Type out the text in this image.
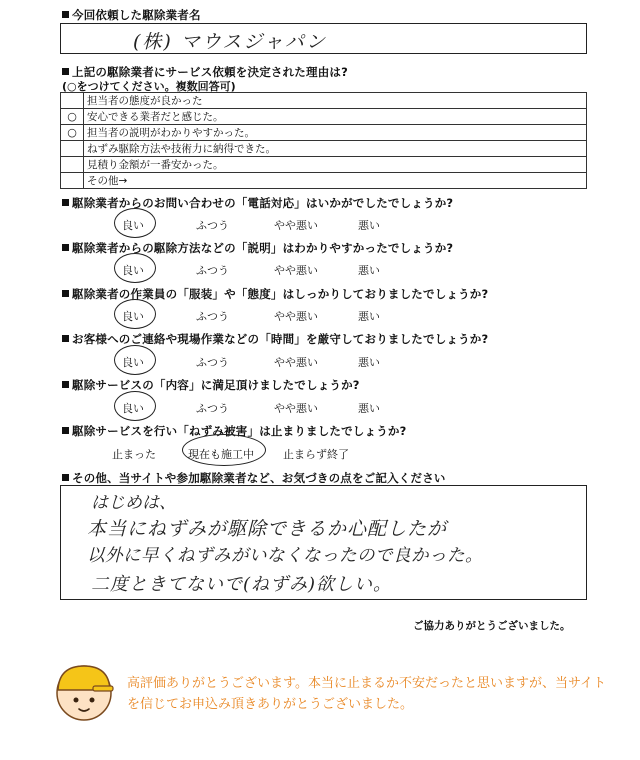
今回依頼した駆除業者名
(株) マウスジャパン
上記の駆除業者にサービス依頼を決定された理由は?
(○をつけてください。複数回答可)
	担当者の態度が良かった
○	安心できる業者だと感じた。
○	担当者の説明がわかりやすかった。
	ねずみ駆除方法や技術力に納得できた。
	見積り金額が一番安かった。
	その他→
駆除業者からのお問い合わせの「電話対応」はいかがでしたでしょうか?
良い	ふつう	やや悪い	悪い
駆除業者からの駆除方法などの「説明」はわかりやすかったでしょうか?
良い	ふつう	やや悪い	悪い
駆除業者の作業員の「服装」や「態度」はしっかりしておりましたでしょうか?
良い	ふつう	やや悪い	悪い
お客様へのご連絡や現場作業などの「時間」を厳守しておりましたでしょうか?
良い	ふつう	やや悪い	悪い
駆除サービスの「内容」に満足頂けましたでしょうか?
良い	ふつう	やや悪い	悪い
駆除サービスを行い「ねずみ被害」は止まりましたでしょうか?
止まった	現在も施工中	止まらず終了
その他、当サイトや参加駆除業者など、お気づきの点をご記入ください
はじめは、
本当にねずみが駆除できるか心配したが
以外に早くねずみがいなくなったので良かった。
二度ときてないで(ねずみ)欲しい。
ご協力ありがとうございました。
高評価ありがとうございます。本当に止まるか不安だったと思いますが、当サイトを信じてお申込み頂きありがとうございました。
